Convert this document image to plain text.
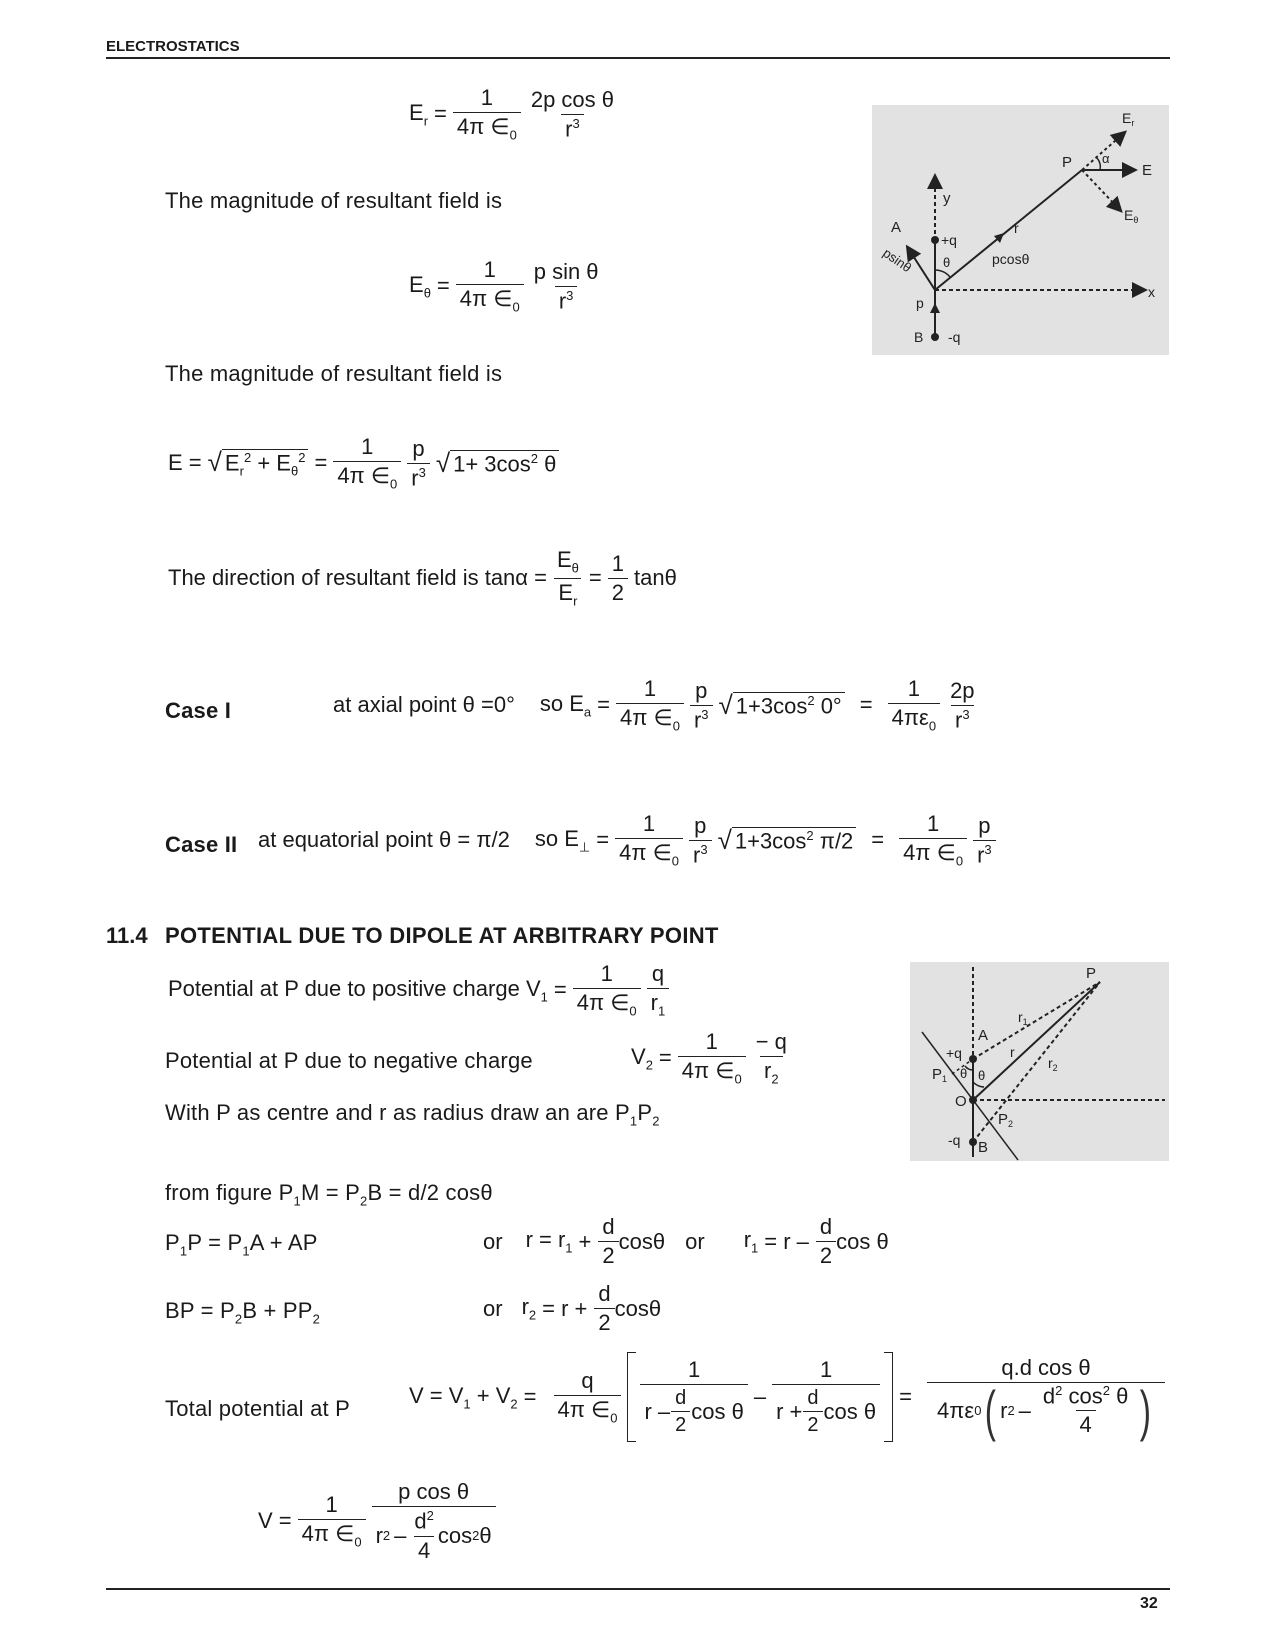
ELECTROSTATICS
$E_r = \frac{1}{4\pi \in_0} \frac{\text{2p cos θ}}{r^3}$
The magnitude of resultant field is
$E_\theta = \frac{1}{4\pi \in_0} \frac{\text{p sin θ}}{r^3}$
The magnitude of resultant field is
E = √ $E_r^2 + E_\theta^2 = \frac{1}{4\pi \in_0} \frac{p}{r^3}$ √ $1+ 3\cos^2$ θ
The direction of resultant field is $\tan\alpha = \frac{E_\theta}{E_r} = \frac{1}{2}$ tanθ
Case I	at axial point θ =0° so $E_a = \frac{1}{4\pi \in_0} \frac{p}{r^3}$ √ $1+3\cos^2$ $0^\circ = \frac{1}{4\pi\varepsilon_0} \frac{2p}{r^3}$
Case II at equatorial point θ = π/2 so $E_\perp = \frac{1}{4\pi \in_0} \frac{p}{r^3}$ √ $1+3\cos^2$ $\pi/2 = \frac{1}{4\pi \in_0} \frac{p}{r^3}$
11.4 POTENTIAL DUE TO DIPOLE AT ARBITRARY POINT
Potential at P due to positive charge $V_1 = \frac{1}{4\pi \in_0} \frac{q}{r_1}$
Potential at P due to negative charge	$V_2 = \frac{1}{4\pi \in_0} \frac{- q}{r_2}$
With P as centre and r as radius draw an are $P_1P_2$
from figure $P_1M = P_2B = d/2$ cosθ
$P_1P = P_1A$ + AP	or $r = r_1 + \frac{d}{2}$ cosθ or $r_1 = r - \frac{d}{2}$ cos θ
BP = $P_2B + PP_2$	or $r_2 = r + \frac{d}{2}$ cosθ
Total potential at P
$V = V_1 + V_2 = \frac{q}{4\pi \in_0} \frac{1}{r - \frac{d}{2} \cos \theta} - \frac{1}{r + \frac{d}{2} \cos \theta} = \frac{\text{q.d cos θ}}{4\pi\varepsilon 0 ( r 2 - \frac{d^2 \cos^2 \theta}{4} )}$
$V = \frac{1}{4\pi \in_0} \frac{\text{p cos θ}}{r 2 - \frac{d^2}{4} \cos 2 \theta}$
32
$E_r$
E
$E_\theta$
P α
y
+q
A	r
θ	pcosθ
psinθ
x
p
B -q
P
$r_1$
A
+q	r
$r_2$
$P_1$ θ θ
O
$P_2$
-q B
